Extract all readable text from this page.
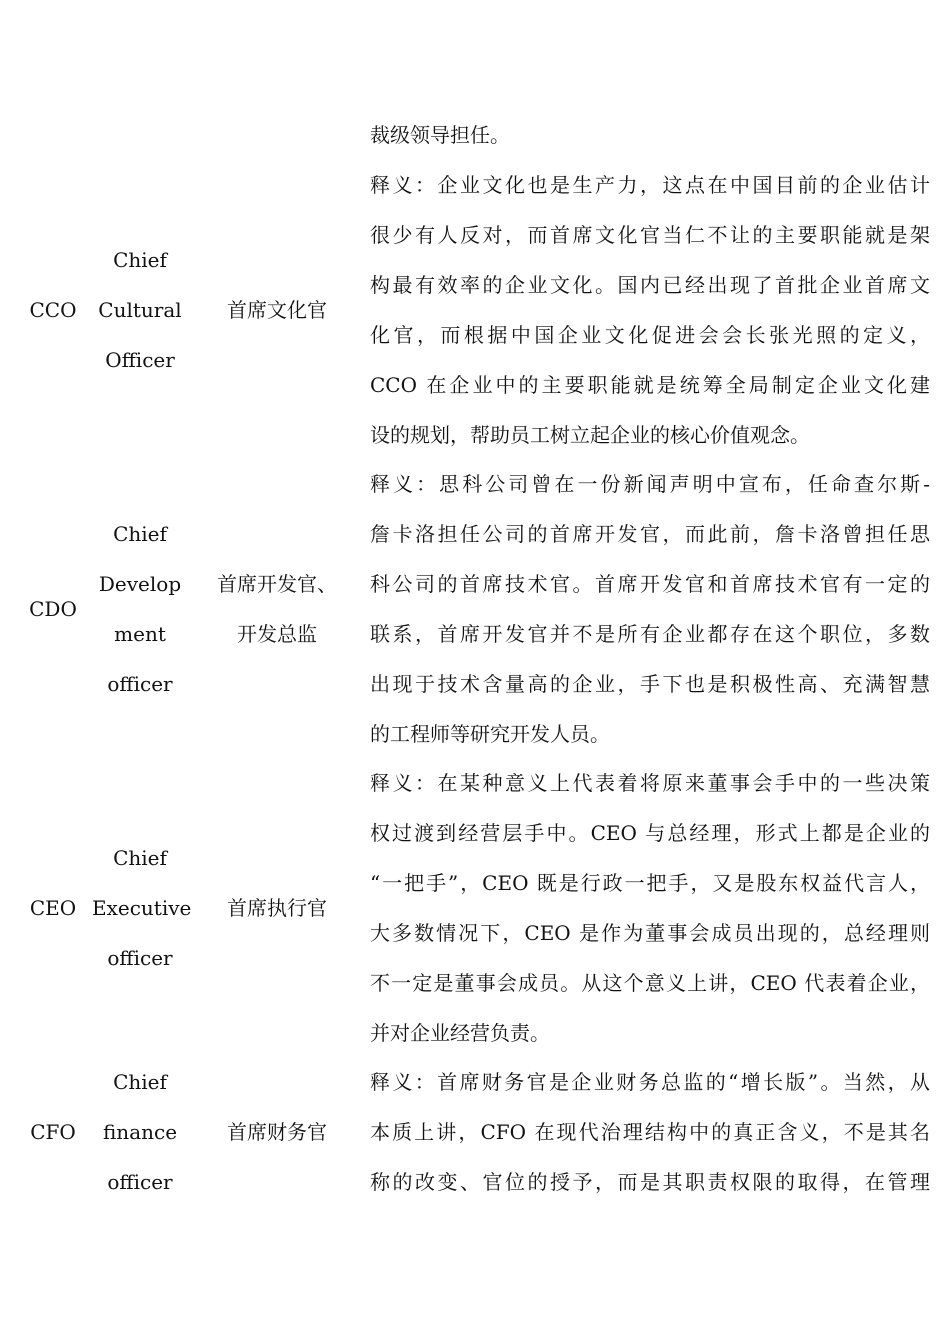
CCO
Chief
Cultural
Officer
首席文化官
裁级领导担任。
释义：企业文化也是生产力，这点在中国目前的企业估计
很少有人反对，而首席文化官当仁不让的主要职能就是架
构最有效率的企业文化。国内已经出现了首批企业首席文
化官，而根据中国企业文化促进会会长张光照的定义，
CCO 在企业中的主要职能就是统筹全局制定企业文化建
设的规划，帮助员工树立起企业的核心价值观念。
CDO
Chief
Develop
ment
officer
首席开发官、
开发总监
释义：思科公司曾在一份新闻声明中宣布，任命查尔斯-
詹卡洛担任公司的首席开发官，而此前，詹卡洛曾担任思
科公司的首席技术官。首席开发官和首席技术官有一定的
联系，首席开发官并不是所有企业都存在这个职位，多数
出现于技术含量高的企业，手下也是积极性高、充满智慧
的工程师等研究开发人员。
CEO
Chief
Executive
officer
首席执行官
释义：在某种意义上代表着将原来董事会手中的一些决策
权过渡到经营层手中。CEO 与总经理，形式上都是企业的
“一把手”，CEO 既是行政一把手，又是股东权益代言人，
大多数情况下，CEO 是作为董事会成员出现的，总经理则
不一定是董事会成员。从这个意义上讲，CEO 代表着企业，
并对企业经营负责。
CFO
Chief
finance
officer
首席财务官
释义：首席财务官是企业财务总监的“增长版”。当然，从
本质上讲，CFO 在现代治理结构中的真正含义，不是其名
称的改变、官位的授予，而是其职责权限的取得，在管理
